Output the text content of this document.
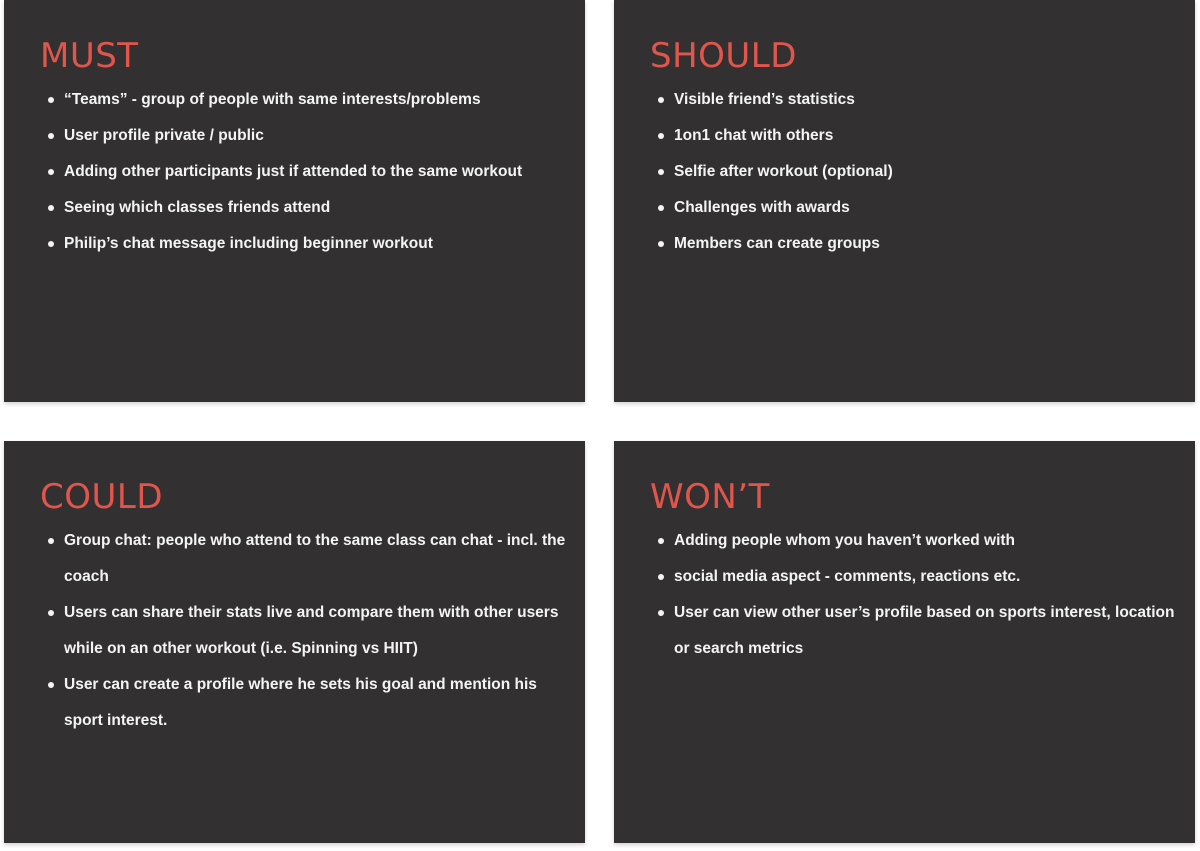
MUST
“Teams” - group of people with same interests/problems
User profile private / public
Adding other participants just if attended to the same workout
Seeing which classes friends attend
Philip’s chat message including beginner workout
SHOULD
Visible friend’s statistics
1on1 chat with others
Selfie after workout (optional)
Challenges with awards
Members can create groups
COULD
Group chat: people who attend to the same class can chat - incl. the coach
Users can share their stats live and compare them with other users while on an other workout (i.e. Spinning vs HIIT)
User can create a profile where he sets his goal and mention his sport interest.
WON’T
Adding people whom you haven’t worked with
social media aspect - comments, reactions etc.
User can view other user’s profile based on sports interest, location or search metrics
